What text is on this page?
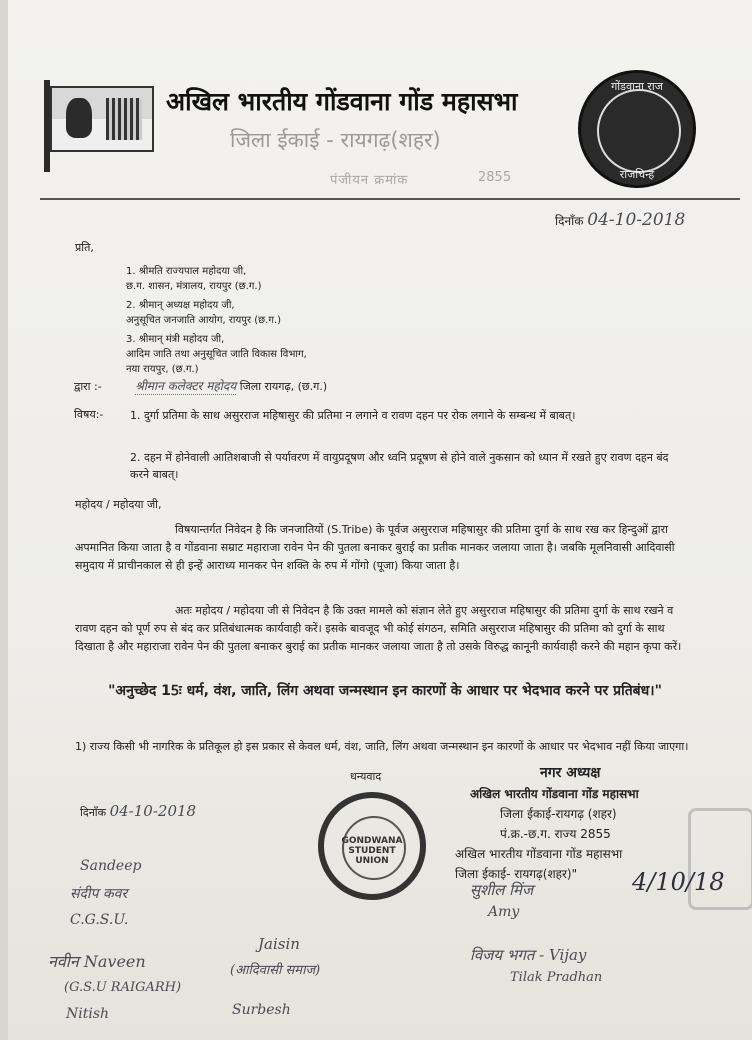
अखिल भारतीय गोंडवाना गोंड महासभा
जिला ईकाई - रायगढ़(शहर)
पंजीयन क्रमांक	2855
गोंडवाना राज
राजचिन्ह
दिनाँक 04-10-2018
प्रति,
1. श्रीमति राज्यपाल महोदया जी,
छ.ग. शासन, मंत्रालय, रायपुर (छ.ग.)
2. श्रीमान् अध्यक्ष महोदय जी,
अनुसूचित जनजाति आयोग, रायपुर (छ.ग.)
3. श्रीमान् मंत्री महोदय जी,
आदिम जाति तथा अनुसूचित जाति विकास विभाग,
नया रायपुर, (छ.ग.)
द्वारा :-	श्रीमान कलेक्टर महोदय जिला रायगढ़, (छ.ग.)
विषय:- 1. दुर्गा प्रतिमा के साथ असुरराज महिषासुर की प्रतिमा न लगाने व रावण दहन पर रोक लगाने के सम्बन्ध में बाबत्।
2. दहन में होनेवाली आतिशबाजी से पर्यावरण में वायुप्रदूषण और ध्वनि प्रदूषण से होने वाले नुकसान को ध्यान में रखते हुए रावण दहन बंद करने बाबत्।
महोदय / महोदया जी,
विषयान्तर्गत निवेदन है कि जनजातियों (S.Tribe) के पूर्वज असुरराज महिषासुर की प्रतिमा दुर्गा के साथ रख कर हिन्दुओं द्वारा अपमानित किया जाता है व गोंडवाना सम्राट महाराजा रावेन पेन की पुतला बनाकर बुराई का प्रतीक मानकर जलाया जाता है। जबकि मूलनिवासी आदिवासी समुदाय में प्राचीनकाल से ही इन्हें आराध्य मानकर पेन शक्ति के रुप में गोंगो (पूजा) किया जाता है।
अतः महोदय / महोदया जी से निवेदन है कि उक्त मामले को संज्ञान लेते हुए असुरराज महिषासुर की प्रतिमा दुर्गा के साथ रखने व रावण दहन को पूर्ण रुप से बंद कर प्रतिबंधात्मक कार्यवाही करें। इसके बावजूद भी कोई संगठन, समिति असुरराज महिषासुर की प्रतिमा को दुर्गा के साथ दिखाता है और महाराजा रावेन पेन की पुतला बनाकर बुराई का प्रतीक मानकर जलाया जाता है तो उसके विरुद्ध कानूनी कार्यवाही करने की महान कृपा करें।
"अनुच्छेद 15ः धर्म, वंश, जाति, लिंग अथवा जन्मस्थान इन कारणों के आधार पर भेदभाव करने पर प्रतिबंध।"
1) राज्य किसी भी नागरिक के प्रतिकूल हो इस प्रकार से केवल धर्म, वंश, जाति, लिंग अथवा जन्मस्थान इन कारणों के आधार पर भेदभाव नहीं किया जाएगा।
धन्यवाद
दिनाँक 04-10-2018
नगर अध्यक्ष
अखिल भारतीय गोंडवाना गोंड महासभा
जिला ईकाई-रायगढ़ (शहर)
पं.क्र.-छ.ग. राज्य 2855
अखिल भारतीय गोंडवाना गोंड महासभा
जिला ईकाई- रायगढ़(शहर)"
GONDWANA STUDENT UNION
4/10/18
Sandeep
संदीप कवर
C.G.S.U.
नवीन Naveen
(G.S.U RAIGARH)
Nitish
Jaisin
(आदिवासी समाज)
Surbesh
सुशील मिंज
Amy
विजय भगत - Vijay
Tilak Pradhan
